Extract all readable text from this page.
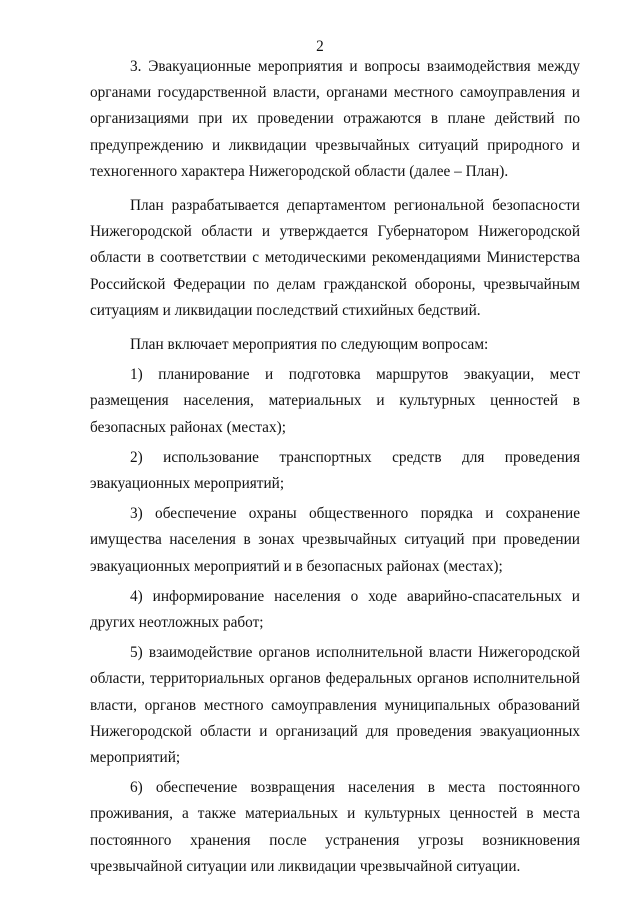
2

3. Эвакуационные мероприятия и вопросы взаимодействия между органами государственной власти, органами местного самоуправления и организациями при их проведении отражаются в плане действий по предупреждению и ликвидации чрезвычайных ситуаций природного и техногенного характера Нижегородской области (далее – План).

План разрабатывается департаментом региональной безопасности Нижегородской области и утверждается Губернатором Нижегородской области в соответствии с методическими рекомендациями Министерства Российской Федерации по делам гражданской обороны, чрезвычайным ситуациям и ликвидации последствий стихийных бедствий.

План включает мероприятия по следующим вопросам:

1) планирование и подготовка маршрутов эвакуации, мест размещения населения, материальных и культурных ценностей в безопасных районах (местах);

2) использование транспортных средств для проведения эвакуационных мероприятий;

3) обеспечение охраны общественного порядка и сохранение имущества населения в зонах чрезвычайных ситуаций при проведении эвакуационных мероприятий и в безопасных районах (местах);

4) информирование населения о ходе аварийно-спасательных и других неотложных работ;

5) взаимодействие органов исполнительной власти Нижегородской области, территориальных органов федеральных органов исполнительной власти, органов местного самоуправления муниципальных образований Нижегородской области и организаций для проведения эвакуационных мероприятий;

6) обеспечение возвращения населения в места постоянного проживания, а также материальных и культурных ценностей в места постоянного хранения после устранения угрозы возникновения чрезвычайной ситуации или ликвидации чрезвычайной ситуации.
